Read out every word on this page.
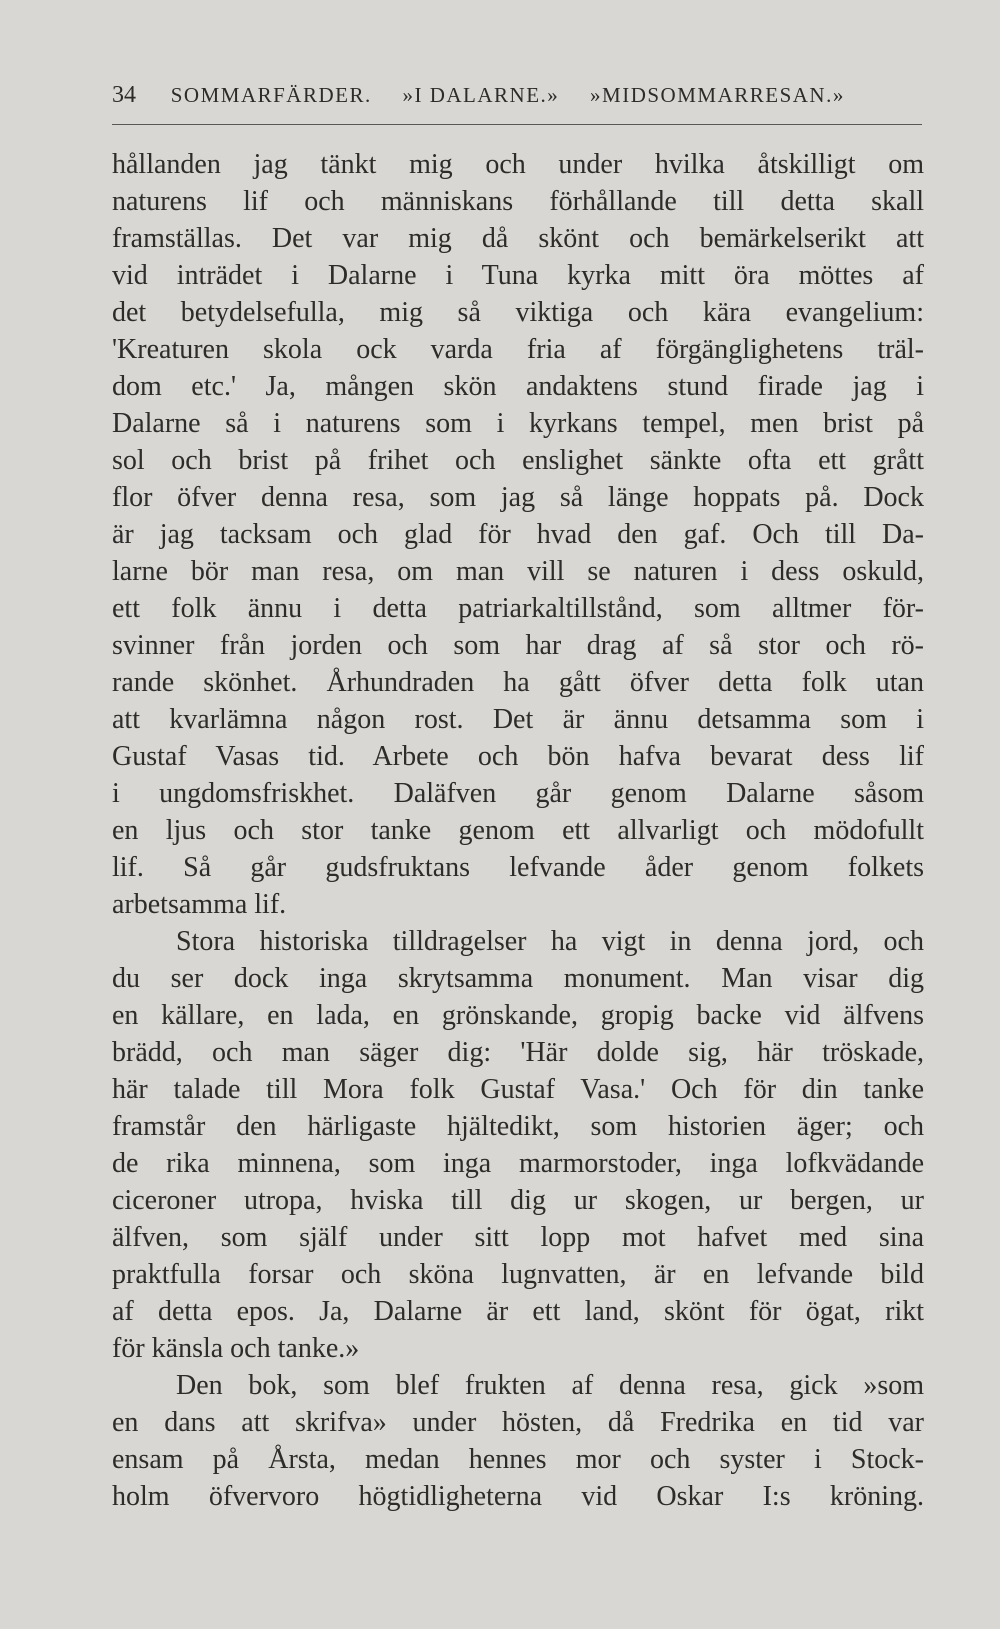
34 SOMMARFÄRDER. »I DALARNE.» »MIDSOMMARRESAN.»
hållanden jag tänkt mig och under hvilka åtskilligt om
naturens lif och människans förhållande till detta skall
framställas. Det var mig då skönt och bemärkelserikt att
vid inträdet i Dalarne i Tuna kyrka mitt öra möttes af
det betydelsefulla, mig så viktiga och kära evangelium:
'Kreaturen skola ock varda fria af förgänglighetens träl-
dom etc.' Ja, mången skön andaktens stund firade jag i
Dalarne så i naturens som i kyrkans tempel, men brist på
sol och brist på frihet och enslighet sänkte ofta ett grått
flor öfver denna resa, som jag så länge hoppats på. Dock
är jag tacksam och glad för hvad den gaf. Och till Da-
larne bör man resa, om man vill se naturen i dess oskuld,
ett folk ännu i detta patriarkaltillstånd, som alltmer för-
svinner från jorden och som har drag af så stor och rö-
rande skönhet. Århundraden ha gått öfver detta folk utan
att kvarlämna någon rost. Det är ännu detsamma som i
Gustaf Vasas tid. Arbete och bön hafva bevarat dess lif
i ungdomsfriskhet. Daläfven går genom Dalarne såsom
en ljus och stor tanke genom ett allvarligt och mödofullt
lif. Så går gudsfruktans lefvande åder genom folkets
arbetsamma lif.
Stora historiska tilldragelser ha vigt in denna jord, och
du ser dock inga skrytsamma monument. Man visar dig
en källare, en lada, en grönskande, gropig backe vid älfvens
brädd, och man säger dig: 'Här dolde sig, här tröskade,
här talade till Mora folk Gustaf Vasa.' Och för din tanke
framstår den härligaste hjältedikt, som historien äger; och
de rika minnena, som inga marmorstoder, inga lofkvädande
ciceroner utropa, hviska till dig ur skogen, ur bergen, ur
älfven, som själf under sitt lopp mot hafvet med sina
praktfulla forsar och sköna lugnvatten, är en lefvande bild
af detta epos. Ja, Dalarne är ett land, skönt för ögat, rikt
för känsla och tanke.»
Den bok, som blef frukten af denna resa, gick »som
en dans att skrifva» under hösten, då Fredrika en tid var
ensam på Årsta, medan hennes mor och syster i Stock-
holm öfvervoro högtidligheterna vid Oskar I:s kröning.
